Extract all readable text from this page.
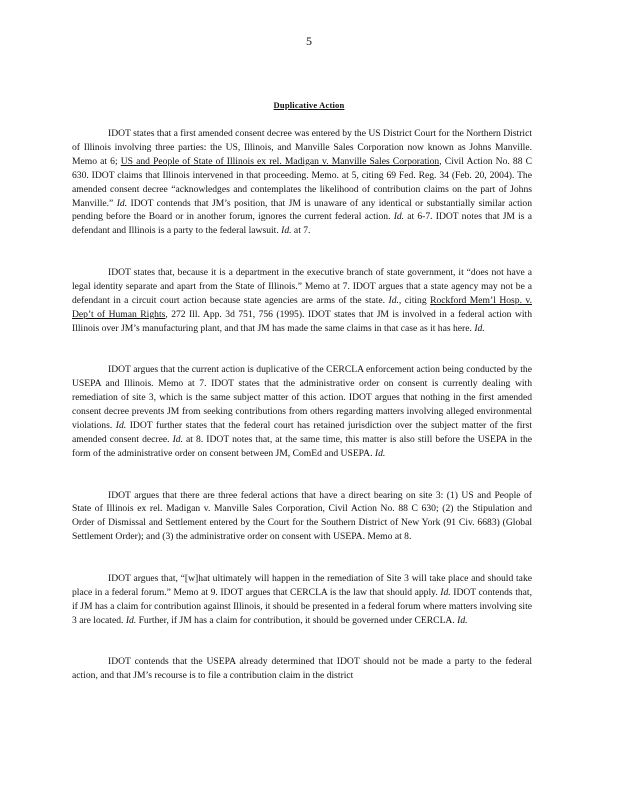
5
Duplicative Action

IDOT states that a first amended consent decree was entered by the US District Court for the Northern District of Illinois involving three parties: the US, Illinois, and Manville Sales Corporation now known as Johns Manville. Memo at 6; US and People of State of Illinois ex rel. Madigan v. Manville Sales Corporation, Civil Action No. 88 C 630. IDOT claims that Illinois intervened in that proceeding. Memo. at 5, citing 69 Fed. Reg. 34 (Feb. 20, 2004). The amended consent decree “acknowledges and contemplates the likelihood of contribution claims on the part of Johns Manville.” Id. IDOT contends that JM’s position, that JM is unaware of any identical or substantially similar action pending before the Board or in another forum, ignores the current federal action. Id. at 6-7. IDOT notes that JM is a defendant and Illinois is a party to the federal lawsuit. Id. at 7.

IDOT states that, because it is a department in the executive branch of state government, it “does not have a legal identity separate and apart from the State of Illinois.” Memo at 7. IDOT argues that a state agency may not be a defendant in a circuit court action because state agencies are arms of the state. Id., citing Rockford Mem’l Hosp. v. Dep’t of Human Rights, 272 Ill. App. 3d 751, 756 (1995). IDOT states that JM is involved in a federal action with Illinois over JM’s manufacturing plant, and that JM has made the same claims in that case as it has here. Id.

IDOT argues that the current action is duplicative of the CERCLA enforcement action being conducted by the USEPA and Illinois. Memo at 7. IDOT states that the administrative order on consent is currently dealing with remediation of site 3, which is the same subject matter of this action. IDOT argues that nothing in the first amended consent decree prevents JM from seeking contributions from others regarding matters involving alleged environmental violations. Id. IDOT further states that the federal court has retained jurisdiction over the subject matter of the first amended consent decree. Id. at 8. IDOT notes that, at the same time, this matter is also still before the USEPA in the form of the administrative order on consent between JM, ComEd and USEPA. Id.

IDOT argues that there are three federal actions that have a direct bearing on site 3: (1) US and People of State of Illinois ex rel. Madigan v. Manville Sales Corporation, Civil Action No. 88 C 630; (2) the Stipulation and Order of Dismissal and Settlement entered by the Court for the Southern District of New York (91 Civ. 6683) (Global Settlement Order); and (3) the administrative order on consent with USEPA. Memo at 8.

IDOT argues that, “[w]hat ultimately will happen in the remediation of Site 3 will take place and should take place in a federal forum.” Memo at 9. IDOT argues that CERCLA is the law that should apply. Id. IDOT contends that, if JM has a claim for contribution against Illinois, it should be presented in a federal forum where matters involving site 3 are located. Id. Further, if JM has a claim for contribution, it should be governed under CERCLA. Id.

IDOT contends that the USEPA already determined that IDOT should not be made a party to the federal action, and that JM’s recourse is to file a contribution claim in the district
